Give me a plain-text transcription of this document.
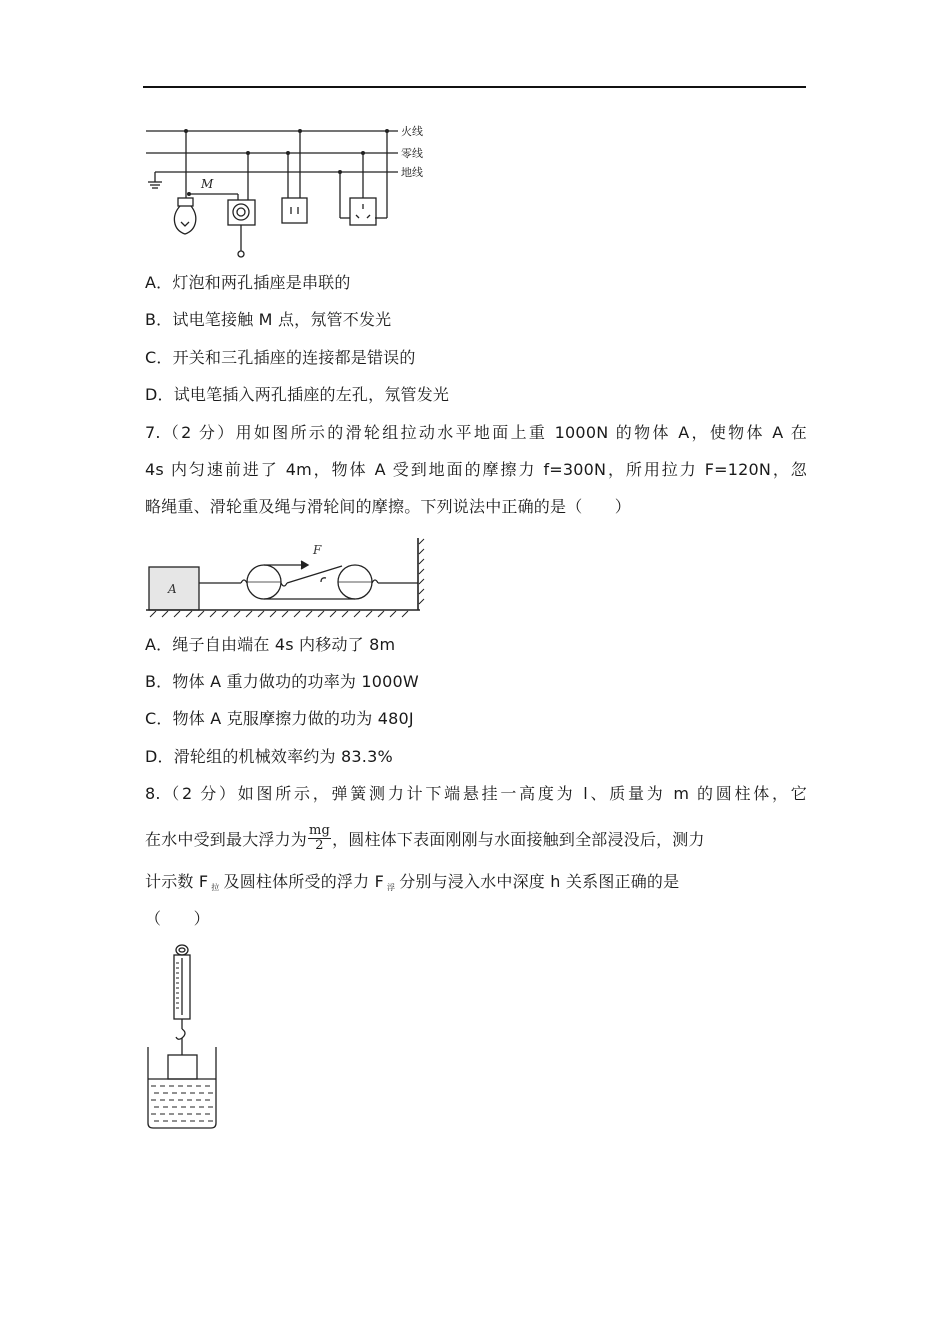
M
火线
零线
地线
A．灯泡和两孔插座是串联的
B．试电笔接触 M 点，氖管不发光
C．开关和三孔插座的连接都是错误的
D．试电笔插入两孔插座的左孔，氖管发光
7.（2 分）用如图所示的滑轮组拉动水平地面上重 1000N 的物体 A，使物体 A 在
4s 内匀速前进了 4m，物体 A 受到地面的摩擦力 f=300N，所用拉力 F=120N，忽
略绳重、滑轮重及绳与滑轮间的摩擦。下列说法中正确的是（　　）
A
F
A．绳子自由端在 4s 内移动了 8m
B．物体 A 重力做功的功率为 1000W
C．物体 A 克服摩擦力做的功为 480J
D．滑轮组的机械效率约为 83.3%
8.（2 分）如图所示，弹簧测力计下端悬挂一高度为 l、质量为 m 的圆柱体，它
在水中受到最大浮力为 $\frac{mg}{2}$ ，圆柱体下表面刚刚与水面接触到全部浸没后，测力
计示数 F $_拉$ 及圆柱体所受的浮力 F $_浮$ 分别与浸入水中深度 h 关系图正确的是
（　　）
